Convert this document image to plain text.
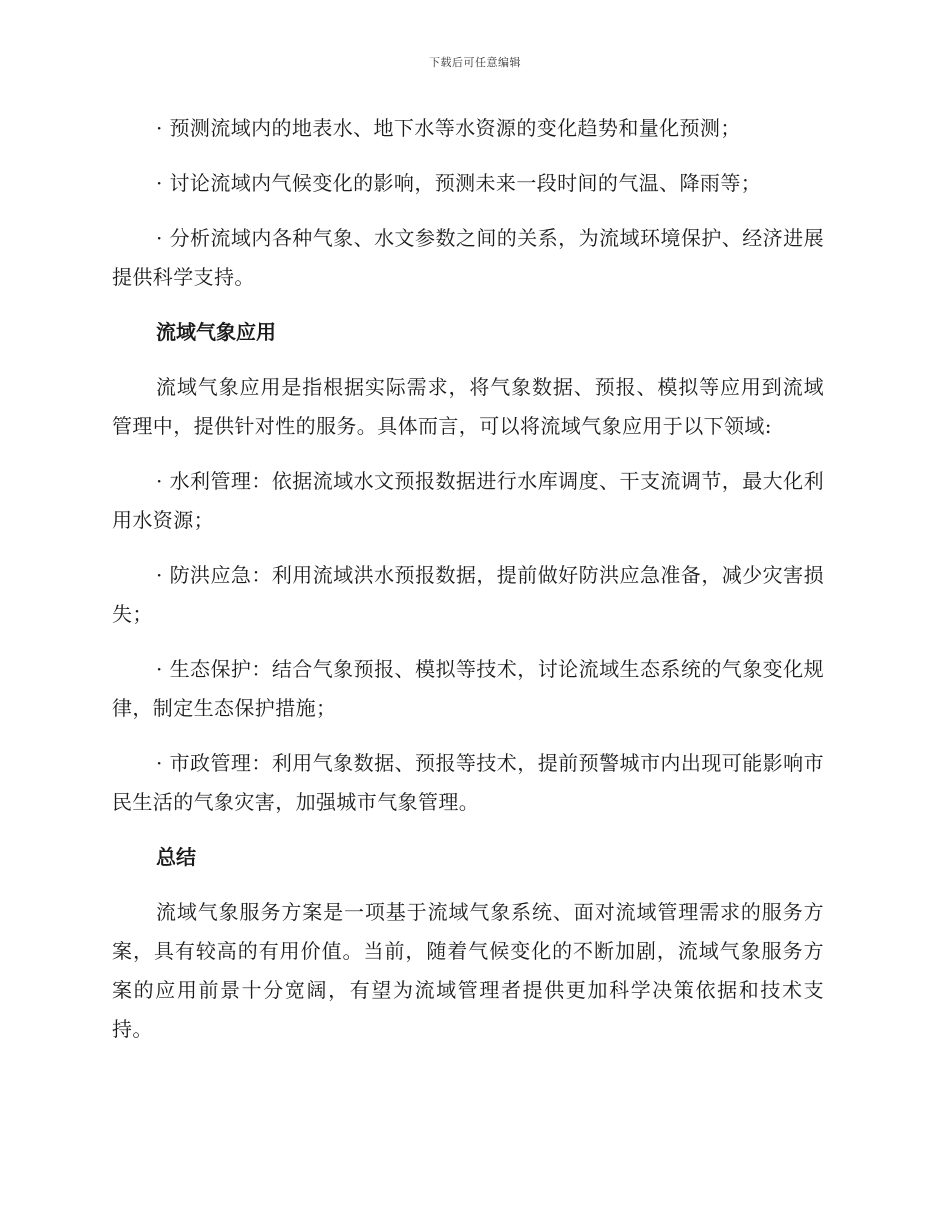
下载后可任意编辑

· 预测流域内的地表水、地下水等水资源的变化趋势和量化预测；

· 讨论流域内气候变化的影响，预测未来一段时间的气温、降雨等；

· 分析流域内各种气象、水文参数之间的关系，为流域环境保护、经济进展提供科学支持。

流域气象应用

流域气象应用是指根据实际需求，将气象数据、预报、模拟等应用到流域管理中，提供针对性的服务。具体而言，可以将流域气象应用于以下领域:

· 水利管理：依据流域水文预报数据进行水库调度、干支流调节，最大化利用水资源；

· 防洪应急：利用流域洪水预报数据，提前做好防洪应急准备，减少灾害损失；

· 生态保护：结合气象预报、模拟等技术，讨论流域生态系统的气象变化规律，制定生态保护措施；

· 市政管理：利用气象数据、预报等技术，提前预警城市内出现可能影响市民生活的气象灾害，加强城市气象管理。

总结

流域气象服务方案是一项基于流域气象系统、面对流域管理需求的服务方案，具有较高的有用价值。当前，随着气候变化的不断加剧，流域气象服务方案的应用前景十分宽阔，有望为流域管理者提供更加科学决策依据和技术支持。
